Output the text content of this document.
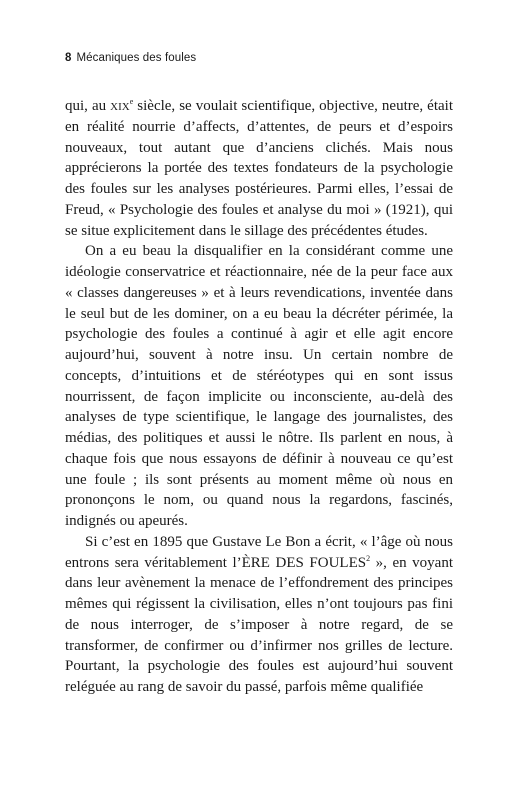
8 Mécaniques des foules

qui, au xix$^e$ siècle, se voulait scientifique, objective, neutre, était en réalité nourrie d’affects, d’attentes, de peurs et d’espoirs nouveaux, tout autant que d’anciens clichés. Mais nous apprécierons la portée des textes fondateurs de la psychologie des foules sur les analyses postérieures. Parmi elles, l’essai de Freud, « Psychologie des foules et analyse du moi » (1921), qui se situe explicitement dans le sillage des précédentes études.

On a eu beau la disqualifier en la considérant comme une idéologie conservatrice et réactionnaire, née de la peur face aux « classes dangereuses » et à leurs revendications, inventée dans le seul but de les dominer, on a eu beau la décréter périmée, la psychologie des foules a continué à agir et elle agit encore aujourd’hui, souvent à notre insu. Un certain nombre de concepts, d’intuitions et de stéréotypes qui en sont issus nourrissent, de façon implicite ou inconsciente, au-delà des analyses de type scientifique, le langage des journalistes, des médias, des politiques et aussi le nôtre. Ils parlent en nous, à chaque fois que nous essayons de définir à nouveau ce qu’est une foule ; ils sont présents au moment même où nous en prononçons le nom, ou quand nous la regardons, fascinés, indignés ou apeurés.

Si c’est en 1895 que Gustave Le Bon a écrit, « l’âge où nous entrons sera véritablement l’ÈRE DES FOULES$^2$ », en voyant dans leur avènement la menace de l’effondrement des principes mêmes qui régissent la civilisation, elles n’ont toujours pas fini de nous interroger, de s’imposer à notre regard, de se transformer, de confirmer ou d’infirmer nos grilles de lecture. Pourtant, la psychologie des foules est aujourd’hui souvent reléguée au rang de savoir du passé, parfois même qualifiée
